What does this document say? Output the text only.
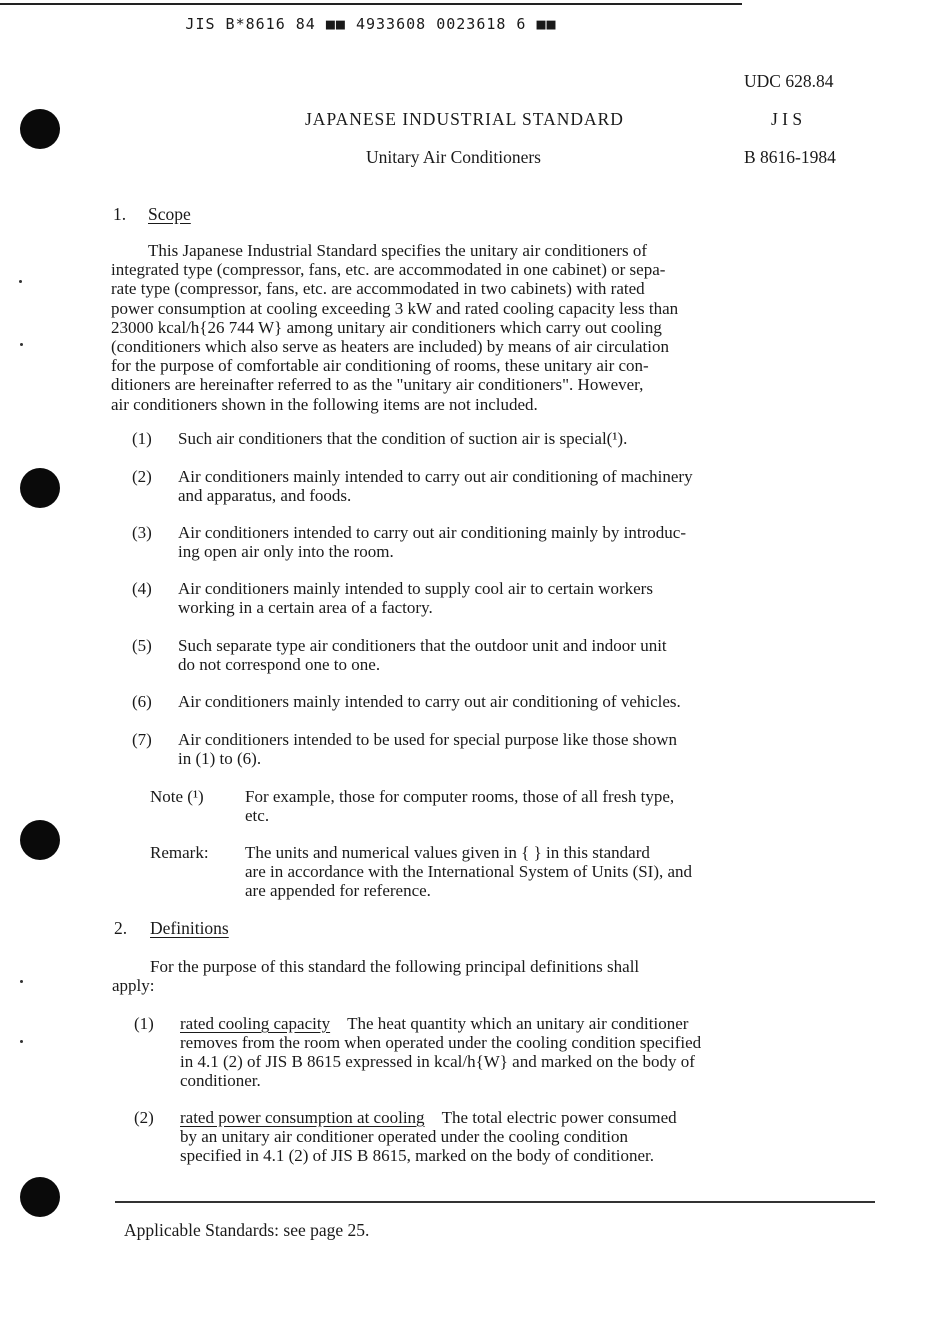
JIS B*8616 84 ■■ 4933608 0023618 6 ■■
UDC 628.84
JAPANESE INDUSTRIAL STANDARD	J I S
Unitary Air Conditioners	B 8616-1984
1. Scope
This Japanese Industrial Standard specifies the unitary air conditioners of
integrated type (compressor, fans, etc. are accommodated in one cabinet) or sepa-
rate type (compressor, fans, etc. are accommodated in two cabinets) with rated
power consumption at cooling exceeding 3 kW and rated cooling capacity less than
23000 kcal/h{26 744 W} among unitary air conditioners which carry out cooling
(conditioners which also serve as heaters are included) by means of air circulation
for the purpose of comfortable air conditioning of rooms, these unitary air con-
ditioners are hereinafter referred to as the "unitary air conditioners". However,
air conditioners shown in the following items are not included.
(1) Such air conditioners that the condition of suction air is special(¹).
(2) Air conditioners mainly intended to carry out air conditioning of machinery
and apparatus, and foods.
(3) Air conditioners intended to carry out air conditioning mainly by introduc-
ing open air only into the room.
(4) Air conditioners mainly intended to supply cool air to certain workers
working in a certain area of a factory.
(5) Such separate type air conditioners that the outdoor unit and indoor unit
do not correspond one to one.
(6) Air conditioners mainly intended to carry out air conditioning of vehicles.
(7) Air conditioners intended to be used for special purpose like those shown
in (1) to (6).
Note (¹) For example, those for computer rooms, those of all fresh type,
etc.
Remark: The units and numerical values given in { } in this standard
are in accordance with the International System of Units (SI), and
are appended for reference.
2. Definitions
For the purpose of this standard the following principal definitions shall
apply:
(1) rated cooling capacity The heat quantity which an unitary air conditioner
removes from the room when operated under the cooling condition specified
in 4.1 (2) of JIS B 8615 expressed in kcal/h{W} and marked on the body of
conditioner.
(2) rated power consumption at cooling The total electric power consumed
by an unitary air conditioner operated under the cooling condition
specified in 4.1 (2) of JIS B 8615, marked on the body of conditioner.
Applicable Standards: see page 25.
